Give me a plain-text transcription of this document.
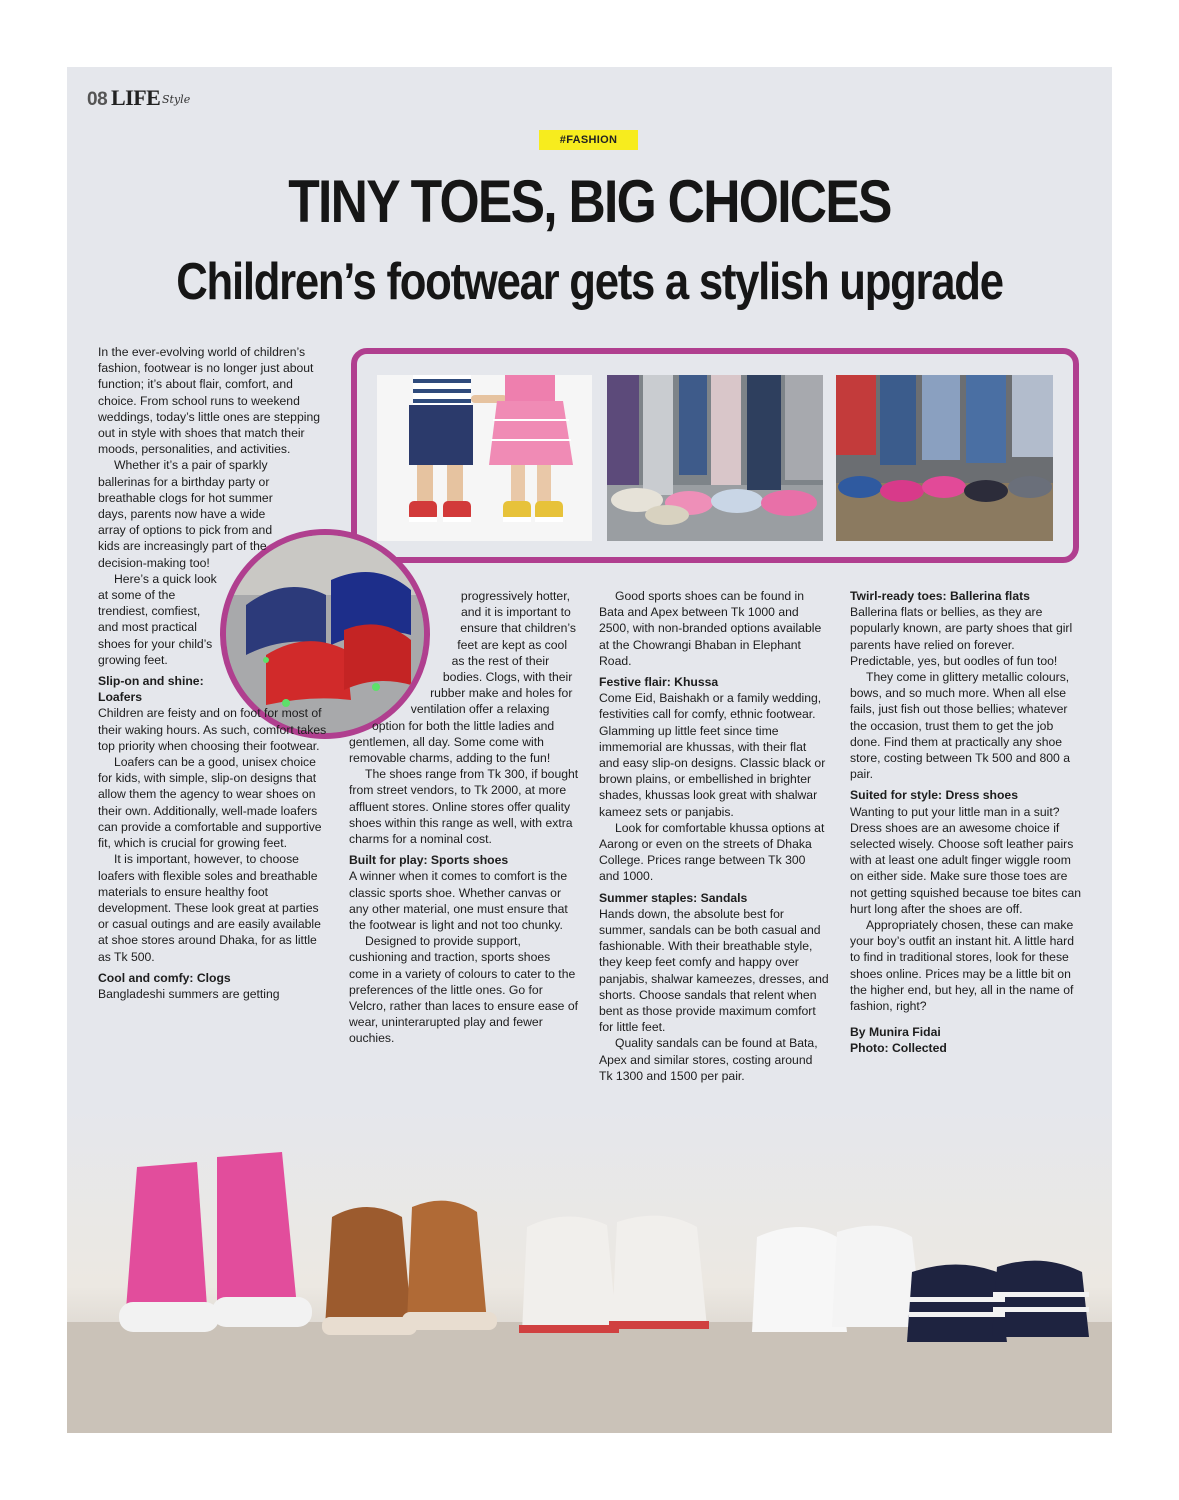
08 LIFE Style
#FASHION
TINY TOES, BIG CHOICES
Children’s footwear gets a stylish upgrade

In the ever-evolving world of children’s fashion, footwear is no longer just about function; it’s about flair, comfort, and choice. From school runs to weekend weddings, today’s little ones are stepping out in style with shoes that match their moods, personalities, and activities.

Whether it’s a pair of sparkly ballerinas for a birthday party or breathable clogs for hot summer days, parents now have a wide array of options to pick from and kids are increasingly part of the decision-making too!

Here’s a quick look at some of the trendiest, comfiest, and most practical shoes for your child’s growing feet.

Slip-on and shine: Loafers

Children are feisty and on foot for most of their waking hours. As such, comfort takes top priority when choosing their footwear.

Loafers can be a good, unisex choice for kids, with simple, slip-on designs that allow them the agency to wear shoes on their own. Additionally, well-made loafers can provide a comfortable and supportive fit, which is crucial for growing feet.

It is important, however, to choose loafers with flexible soles and breathable materials to ensure healthy foot development. These look great at parties or casual outings and are easily available at shoe stores around Dhaka, for as little as Tk 500.

Cool and comfy: Clogs

Bangladeshi summers are getting

progressively hotter, and it is important to ensure that children’s feet are kept as cool as the rest of their bodies. Clogs, with their rubber make and holes for ventilation offer a relaxing option for both the little ladies and gentlemen, all day. Some come with removable charms, adding to the fun!

The shoes range from Tk 300, if bought from street vendors, to Tk 2000, at more affluent stores. Online stores offer quality shoes within this range as well, with extra charms for a nominal cost.

Built for play: Sports shoes

A winner when it comes to comfort is the classic sports shoe. Whether canvas or any other material, one must ensure that the footwear is light and not too chunky.

Designed to provide support, cushioning and traction, sports shoes come in a variety of colours to cater to the preferences of the little ones. Go for Velcro, rather than laces to ensure ease of wear, uninterarupted play and fewer ouchies.

Good sports shoes can be found in Bata and Apex between Tk 1000 and 2500, with non-branded options available at the Chowrangi Bhaban in Elephant Road.

Festive flair: Khussa

Come Eid, Baishakh or a family wedding, festivities call for comfy, ethnic footwear. Glamming up little feet since time immemorial are khussas, with their flat and easy slip-on designs. Classic black or brown plains, or embellished in brighter shades, khussas look great with shalwar kameez sets or panjabis.

Look for comfortable khussa options at Aarong or even on the streets of Dhaka College. Prices range between Tk 300 and 1000.

Summer staples: Sandals

Hands down, the absolute best for summer, sandals can be both casual and fashionable. With their breathable style, they keep feet comfy and happy over panjabis, shalwar kameezes, dresses, and shorts. Choose sandals that relent when bent as those provide maximum comfort for little feet.

Quality sandals can be found at Bata, Apex and similar stores, costing around Tk 1300 and 1500 per pair.

Twirl-ready toes: Ballerina flats

Ballerina flats or bellies, as they are popularly known, are party shoes that girl parents have relied on forever. Predictable, yes, but oodles of fun too!

They come in glittery metallic colours, bows, and so much more. When all else fails, just fish out those bellies; whatever the occasion, trust them to get the job done. Find them at practically any shoe store, costing between Tk 500 and 800 a pair.

Suited for style: Dress shoes

Wanting to put your little man in a suit? Dress shoes are an awesome choice if selected wisely. Choose soft leather pairs with at least one adult finger wiggle room on either side. Make sure those toes are not getting squished because toe bites can hurt long after the shoes are off.

Appropriately chosen, these can make your boy’s outfit an instant hit. A little hard to find in traditional stores, look for these shoes online. Prices may be a little bit on the higher end, but hey, all in the name of fashion, right?

By Munira Fidai

Photo: Collected
